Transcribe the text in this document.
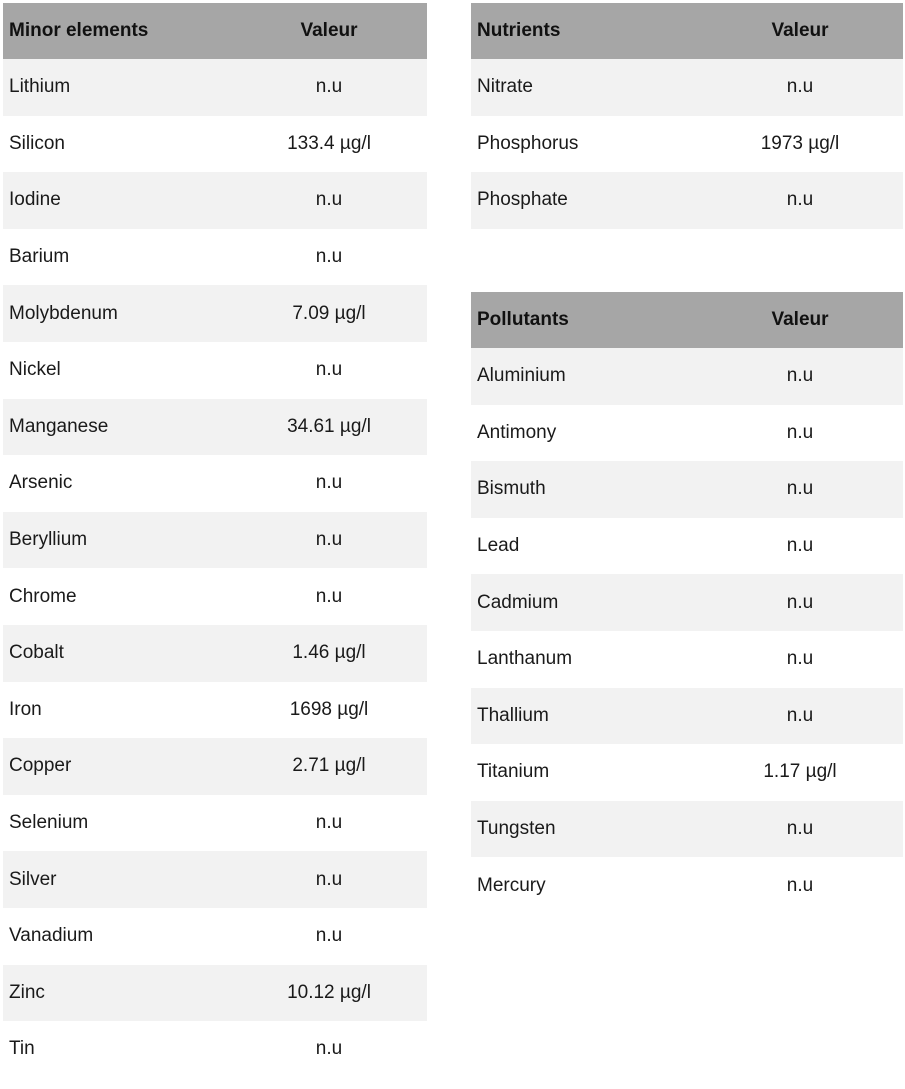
Minor elements	Valeur
Lithium	n.u
Silicon	133.4 µg/l
Iodine	n.u
Barium	n.u
Molybdenum	7.09 µg/l
Nickel	n.u
Manganese	34.61 µg/l
Arsenic	n.u
Beryllium	n.u
Chrome	n.u
Cobalt	1.46 µg/l
Iron	1698 µg/l
Copper	2.71 µg/l
Selenium	n.u
Silver	n.u
Vanadium	n.u
Zinc	10.12 µg/l
Tin	n.u
Nutrients	Valeur
Nitrate	n.u
Phosphorus	1973 µg/l
Phosphate	n.u
Pollutants	Valeur
Aluminium	n.u
Antimony	n.u
Bismuth	n.u
Lead	n.u
Cadmium	n.u
Lanthanum	n.u
Thallium	n.u
Titanium	1.17 µg/l
Tungsten	n.u
Mercury	n.u
